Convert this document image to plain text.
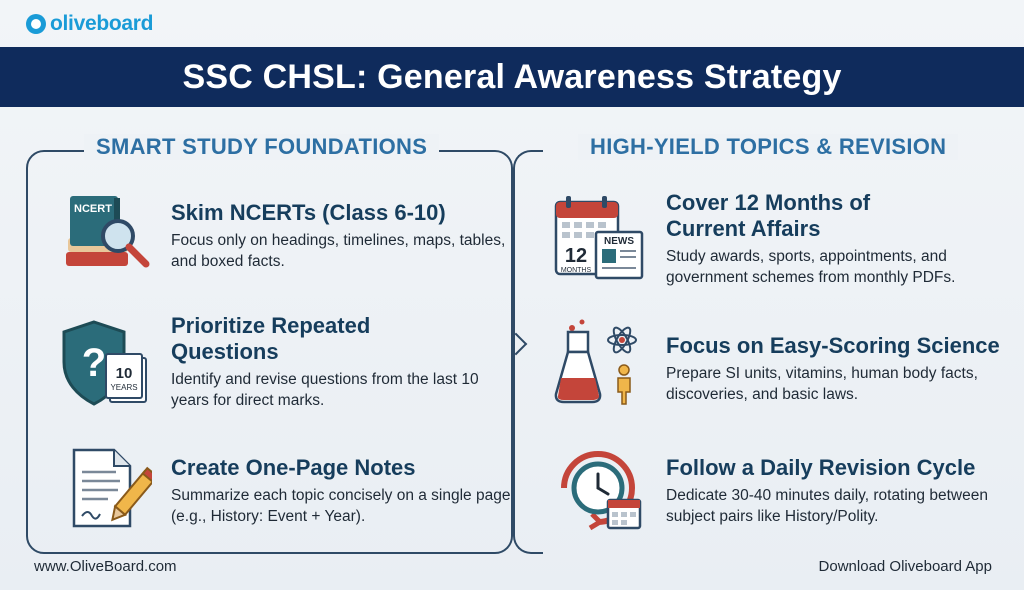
oliveboard
SSC CHSL: General Awareness Strategy
SMART STUDY FOUNDATIONS	HIGH-YIELD TOPICS & REVISION
NCERT	Skim NCERTs (Class 6-10)

Focus only on headings, timelines, maps, tables, and boxed facts.

? 10
YEARS
Prioritize Repeated Questions

Identify and revise questions from the last 10 years for direct marks.

Create One-Page Notes

Summarize each topic concisely on a single page (e.g., History: Event + Year).

12
MONTHS
NEWS
Cover 12 Months of Current Affairs

Study awards, sports, appointments, and government schemes from monthly PDFs.

Focus on Easy-Scoring Science

Prepare SI units, vitamins, human body facts, discoveries, and basic laws.

Follow a Daily Revision Cycle

Dedicate 30-40 minutes daily, rotating between subject pairs like History/Polity.

www.OliveBoard.com	Download Oliveboard App
